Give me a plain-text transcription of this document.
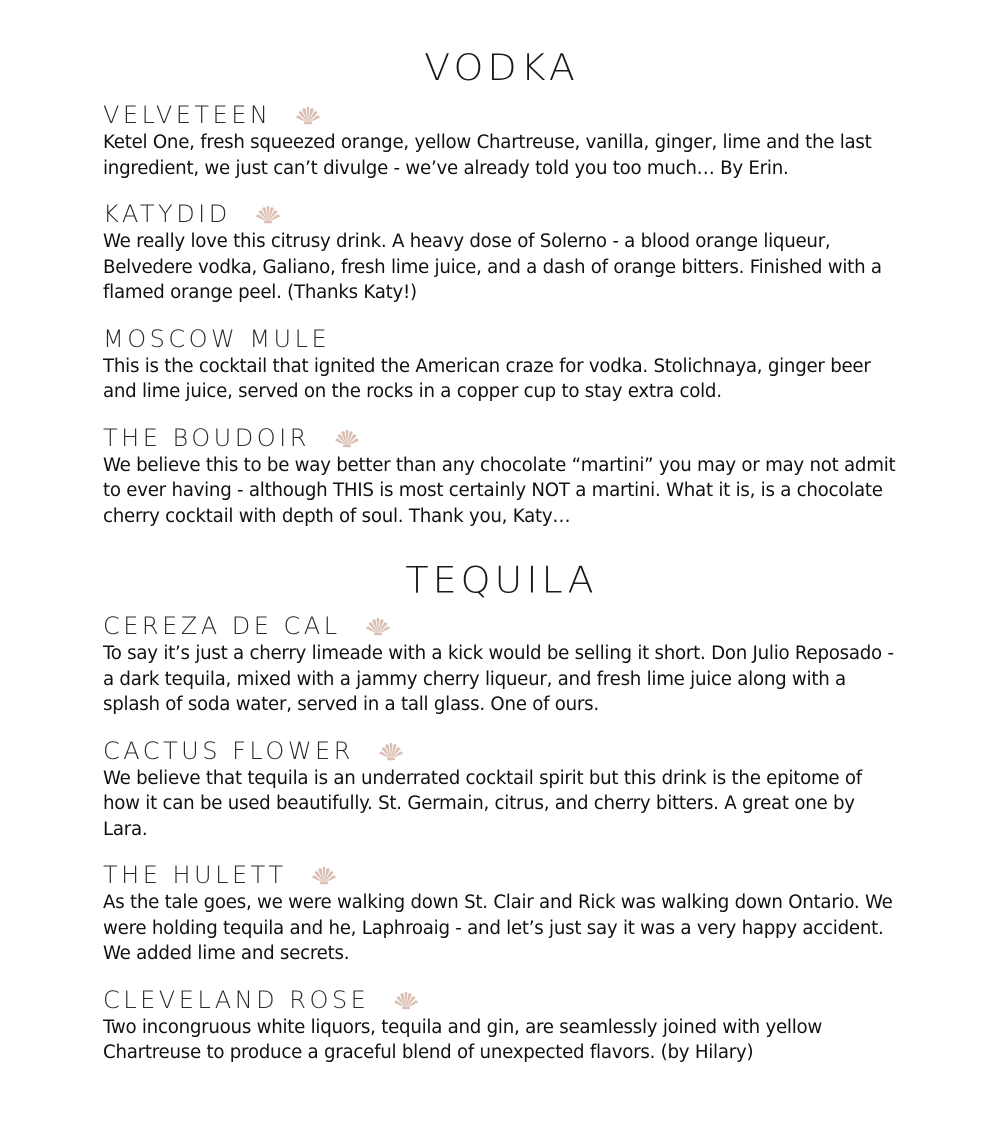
VODKA
VELVETEEN

Ketel One, fresh squeezed orange, yellow Chartreuse, vanilla, ginger, lime and the last ingredient, we just can’t divulge - we’ve already told you too much… By Erin.

KATYDID

We really love this citrusy drink. A heavy dose of Solerno - a blood orange liqueur, Belvedere vodka, Galiano, fresh lime juice, and a dash of orange bitters. Finished with a flamed orange peel. (Thanks Katy!)

MOSCOW MULE

This is the cocktail that ignited the American craze for vodka. Stolichnaya, ginger beer and lime juice, served on the rocks in a copper cup to stay extra cold.

THE BOUDOIR

We believe this to be way better than any chocolate “martini” you may or may not admit to ever having - although THIS is most certainly NOT a martini. What it is, is a chocolate cherry cocktail with depth of soul. Thank you, Katy…

TEQUILA
CEREZA DE CAL

To say it’s just a cherry limeade with a kick would be selling it short. Don Julio Reposado - a dark tequila, mixed with a jammy cherry liqueur, and fresh lime juice along with a splash of soda water, served in a tall glass. One of ours.

CACTUS FLOWER

We believe that tequila is an underrated cocktail spirit but this drink is the epitome of how it can be used beautifully. St. Germain, citrus, and cherry bitters. A great one by Lara.

THE HULETT

As the tale goes, we were walking down St. Clair and Rick was walking down Ontario. We were holding tequila and he, Laphroaig - and let’s just say it was a very happy accident. We added lime and secrets.

CLEVELAND ROSE

Two incongruous white liquors, tequila and gin, are seamlessly joined with yellow Chartreuse to produce a graceful blend of unexpected flavors. (by Hilary)
